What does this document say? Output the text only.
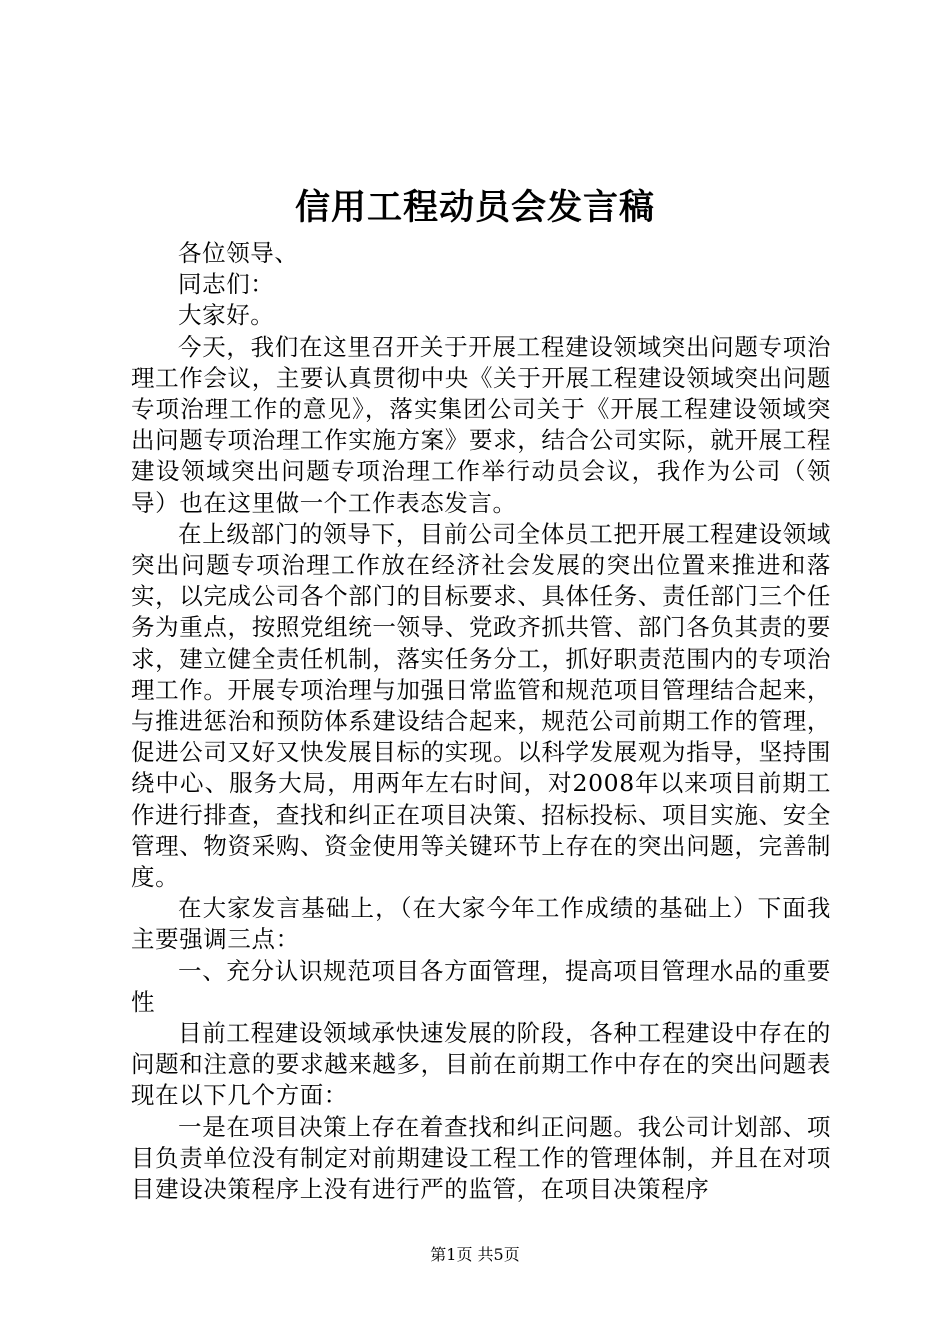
信用工程动员会发言稿

各位领导、

同志们：

大家好。

今天，我们在这里召开关于开展工程建设领域突出问题专项治理工作会议，主要认真贯彻中央《关于开展工程建设领域突出问题专项治理工作的意见》，落实集团公司关于《开展工程建设领域突出问题专项治理工作实施方案》要求，结合公司实际，就开展工程建设领域突出问题专项治理工作举行动员会议，我作为公司（领导）也在这里做一个工作表态发言。

在上级部门的领导下，目前公司全体员工把开展工程建设领域突出问题专项治理工作放在经济社会发展的突出位置来推进和落实，以完成公司各个部门的目标要求、具体任务、责任部门三个任务为重点，按照党组统一领导、党政齐抓共管、部门各负其责的要求，建立健全责任机制，落实任务分工，抓好职责范围内的专项治理工作。开展专项治理与加强日常监管和规范项目管理结合起来，与推进惩治和预防体系建设结合起来，规范公司前期工作的管理，促进公司又好又快发展目标的实现。以科学发展观为指导，坚持围绕中心、服务大局，用两年左右时间，对2008年以来项目前期工作进行排查，查找和纠正在项目决策、招标投标、项目实施、安全管理、物资采购、资金使用等关键环节上存在的突出问题，完善制度。

在大家发言基础上，（在大家今年工作成绩的基础上）下面我主要强调三点：

一、充分认识规范项目各方面管理，提高项目管理水品的重要性

目前工程建设领域承快速发展的阶段，各种工程建设中存在的问题和注意的要求越来越多，目前在前期工作中存在的突出问题表现在以下几个方面：

一是在项目决策上存在着查找和纠正问题。我公司计划部、项目负责单位没有制定对前期建设工程工作的管理体制，并且在对项目建设决策程序上没有进行严的监管，在项目决策程序

第1页 共5页
